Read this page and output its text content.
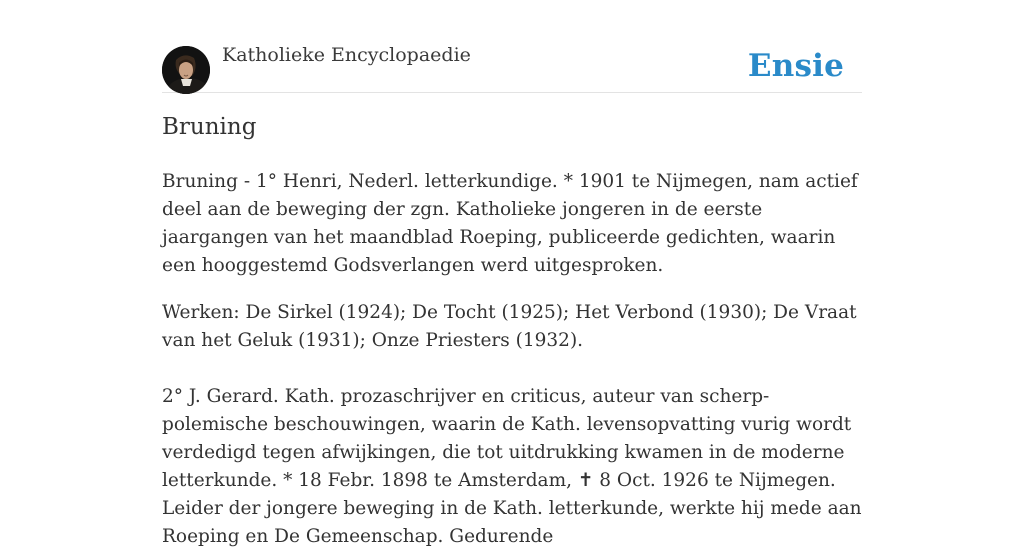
Katholieke Encyclopaedie	Ensie
Bruning

Bruning - 1° Henri, Nederl. letterkundige. * 1901 te Nijmegen, nam actief deel aan de beweging der zgn. Katholieke jongeren in de eerste jaargangen van het maandblad Roeping, publiceerde gedichten, waarin een hooggestemd Godsverlangen werd uitgesproken.

Werken: De Sirkel (1924); De Tocht (1925); Het Verbond (1930); De Vraat van het Geluk (1931); Onze Priesters (1932).

2° J. Gerard. Kath. prozaschrijver en criticus, auteur van scherp-polemische beschouwingen, waarin de Kath. levensopvatting vurig wordt verdedigd tegen afwijkingen, die tot uitdrukking kwamen in de moderne letterkunde. * 18 Febr. 1898 te Amsterdam, ✝ 8 Oct. 1926 te Nijmegen. Leider der jongere beweging in de Kath. letterkunde, werkte hij mede aan Roeping en De Gemeenschap. Gedurende
